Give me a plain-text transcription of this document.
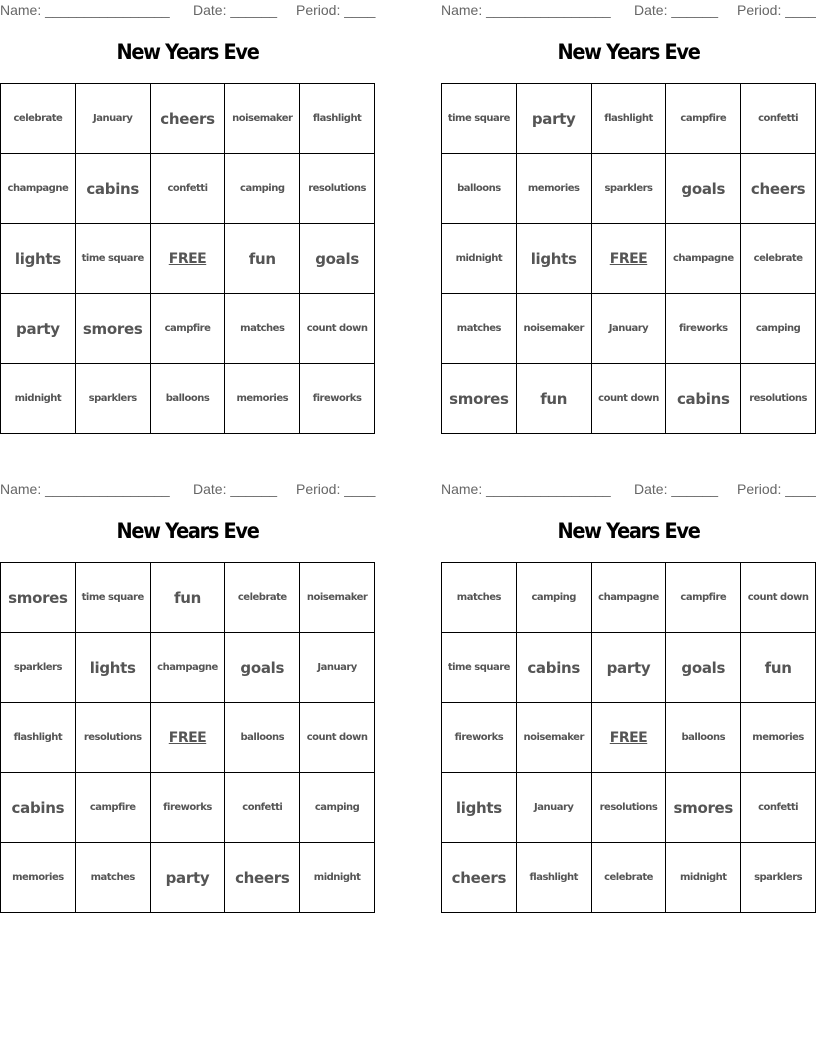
Name: ________________ Date: ______ Period: ____
New Years Eve
celebrate	January	cheers	noisemaker	flashlight
champagne	cabins	confetti	camping	resolutions
lights	time square	FREE	fun	goals
party	smores	campfire	matches	count down
midnight	sparklers	balloons	memories	fireworks
Name: ________________ Date: ______ Period: ____
New Years Eve
time square	party	flashlight	campfire	confetti
balloons	memories	sparklers	goals	cheers
midnight	lights	FREE	champagne	celebrate
matches	noisemaker	January	fireworks	camping
smores	fun	count down	cabins	resolutions
Name: ________________ Date: ______ Period: ____
New Years Eve
smores	time square	fun	celebrate	noisemaker
sparklers	lights	champagne	goals	January
flashlight	resolutions	FREE	balloons	count down
cabins	campfire	fireworks	confetti	camping
memories	matches	party	cheers	midnight
Name: ________________ Date: ______ Period: ____
New Years Eve
matches	camping	champagne	campfire	count down
time square	cabins	party	goals	fun
fireworks	noisemaker	FREE	balloons	memories
lights	January	resolutions	smores	confetti
cheers	flashlight	celebrate	midnight	sparklers
